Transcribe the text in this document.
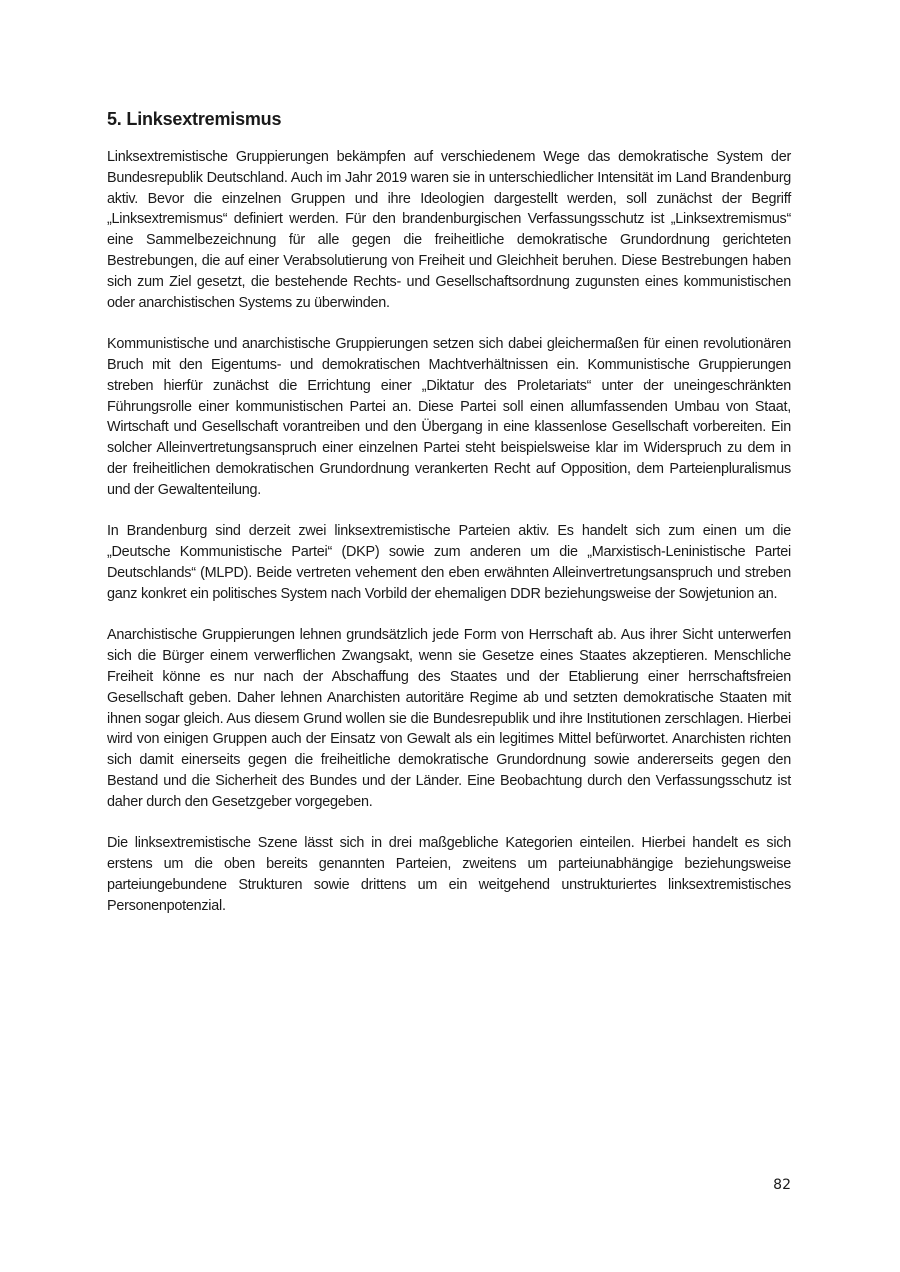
5. Linksextremismus

Linksextremistische Gruppierungen bekämpfen auf verschiedenem Wege das demokratische System der Bundesrepublik Deutschland. Auch im Jahr 2019 waren sie in unterschiedlicher Intensität im Land Brandenburg aktiv. Bevor die einzelnen Gruppen und ihre Ideologien dargestellt werden, soll zunächst der Begriff „Linksextremismus“ definiert werden. Für den brandenburgischen Verfassungsschutz ist „Linksextremismus“ eine Sammelbezeichnung für alle gegen die freiheitliche demokratische Grundordnung gerichteten Bestrebungen, die auf einer Verabsolutierung von Freiheit und Gleichheit beruhen. Diese Bestrebungen haben sich zum Ziel gesetzt, die bestehende Rechts- und Gesellschaftsordnung zugunsten eines kommunistischen oder anarchistischen Systems zu überwinden.

Kommunistische und anarchistische Gruppierungen setzen sich dabei gleichermaßen für einen revolutionären Bruch mit den Eigentums- und demokratischen Machtverhältnissen ein. Kommunistische Gruppierungen streben hierfür zunächst die Errichtung einer „Diktatur des Proletariats“ unter der uneingeschränkten Führungsrolle einer kommunistischen Partei an. Diese Partei soll einen allumfassenden Umbau von Staat, Wirtschaft und Gesellschaft vorantreiben und den Übergang in eine klassenlose Gesellschaft vorbereiten. Ein solcher Alleinvertretungsanspruch einer einzelnen Partei steht beispielsweise klar im Widerspruch zu dem in der freiheitlichen demokratischen Grundordnung verankerten Recht auf Opposition, dem Parteienpluralismus und der Gewaltenteilung.

In Brandenburg sind derzeit zwei linksextremistische Parteien aktiv. Es handelt sich zum einen um die „Deutsche Kommunistische Partei“ (DKP) sowie zum anderen um die „Marxistisch-Leninistische Partei Deutschlands“ (MLPD). Beide vertreten vehement den eben erwähnten Alleinvertretungsanspruch und streben ganz konkret ein politisches System nach Vorbild der ehemaligen DDR beziehungsweise der Sowjetunion an.

Anarchistische Gruppierungen lehnen grundsätzlich jede Form von Herrschaft ab. Aus ihrer Sicht unterwerfen sich die Bürger einem verwerflichen Zwangsakt, wenn sie Gesetze eines Staates akzeptieren. Menschliche Freiheit könne es nur nach der Abschaffung des Staates und der Etablierung einer herrschaftsfreien Gesellschaft geben. Daher lehnen Anarchisten autoritäre Regime ab und setzten demokratische Staaten mit ihnen sogar gleich. Aus diesem Grund wollen sie die Bundesrepublik und ihre Institutionen zerschlagen. Hierbei wird von einigen Gruppen auch der Einsatz von Gewalt als ein legitimes Mittel befürwortet. Anarchisten richten sich damit einerseits gegen die freiheitliche demokratische Grundordnung sowie andererseits gegen den Bestand und die Sicherheit des Bundes und der Länder. Eine Beobachtung durch den Verfassungsschutz ist daher durch den Gesetzgeber vorgegeben.

Die linksextremistische Szene lässt sich in drei maßgebliche Kategorien einteilen. Hierbei handelt es sich erstens um die oben bereits genannten Parteien, zweitens um parteiunabhängige beziehungsweise parteiungebundene Strukturen sowie drittens um ein weitgehend unstrukturiertes linksextremistisches Personenpotenzial.

82
